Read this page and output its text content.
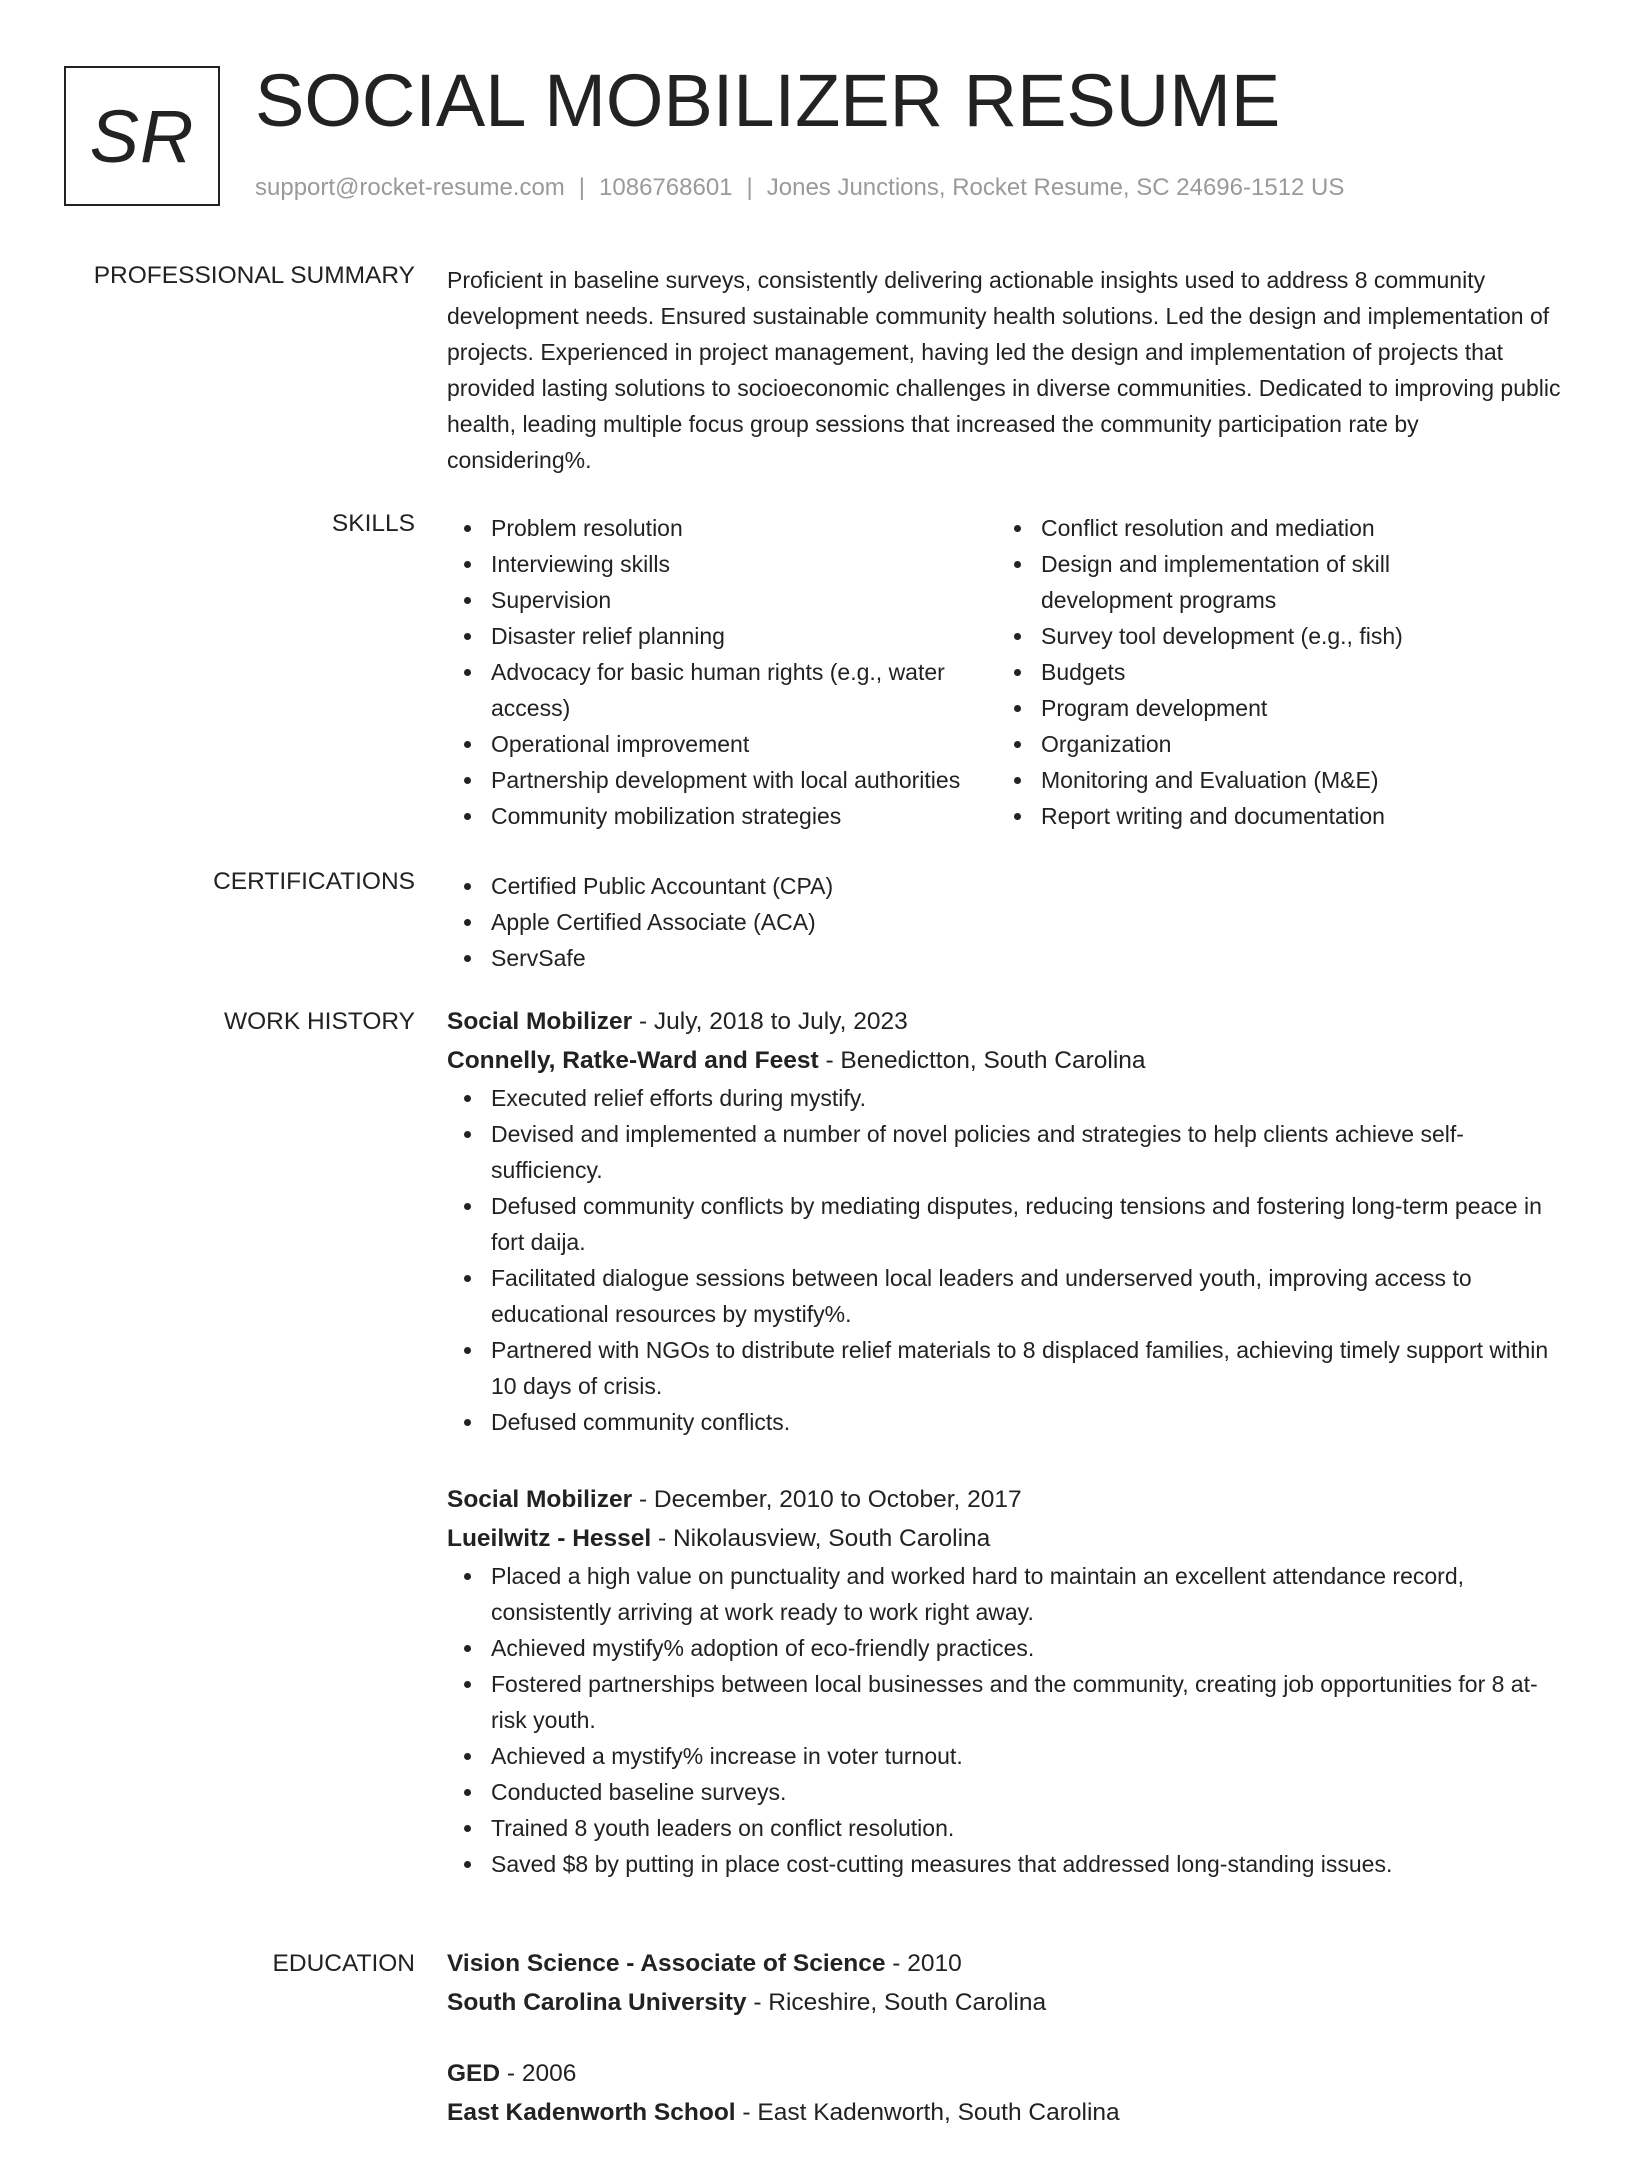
SR SOCIAL MOBILIZER RESUME
support@rocket-resume.com | 1086768601 | Jones Junctions, Rocket Resume, SC 24696-1512 US
PROFESSIONAL SUMMARY Proficient in baseline surveys, consistently delivering actionable insights used to address 8 community development needs. Ensured sustainable community health solutions. Led the design and implementation of projects. Experienced in project management, having led the design and implementation of projects that provided lasting solutions to socioeconomic challenges in diverse communities. Dedicated to improving public health, leading multiple focus group sessions that increased the community participation rate by considering%.

SKILLS	Problem resolution
Interviewing skills
Supervision
Disaster relief planning
Advocacy for basic human rights (e.g., water access)
Operational improvement
Partnership development with local authorities
Community mobilization strategies
Conflict resolution and mediation
Design and implementation of skill development programs
Survey tool development (e.g., fish)
Budgets
Program development
Organization
Monitoring and Evaluation (M&E)
Report writing and documentation
CERTIFICATIONS	Certified Public Accountant (CPA)
Apple Certified Associate (ACA)
ServSafe
WORK HISTORY Social Mobilizer - July, 2018 to July, 2023
Connelly, Ratke-Ward and Feest - Benedictton, South Carolina
Executed relief efforts during mystify.
Devised and implemented a number of novel policies and strategies to help clients achieve self-sufficiency.
Defused community conflicts by mediating disputes, reducing tensions and fostering long-term peace in fort daija.
Facilitated dialogue sessions between local leaders and underserved youth, improving access to educational resources by mystify%.
Partnered with NGOs to distribute relief materials to 8 displaced families, achieving timely support within 10 days of crisis.
Defused community conflicts.
Social Mobilizer - December, 2010 to October, 2017
Lueilwitz - Hessel - Nikolausview, South Carolina
Placed a high value on punctuality and worked hard to maintain an excellent attendance record, consistently arriving at work ready to work right away.
Achieved mystify% adoption of eco-friendly practices.
Fostered partnerships between local businesses and the community, creating job opportunities for 8 at-risk youth.
Achieved a mystify% increase in voter turnout.
Conducted baseline surveys.
Trained 8 youth leaders on conflict resolution.
Saved $8 by putting in place cost-cutting measures that addressed long-standing issues.
EDUCATION Vision Science - Associate of Science - 2010
South Carolina University - Riceshire, South Carolina
GED - 2006
East Kadenworth School - East Kadenworth, South Carolina
